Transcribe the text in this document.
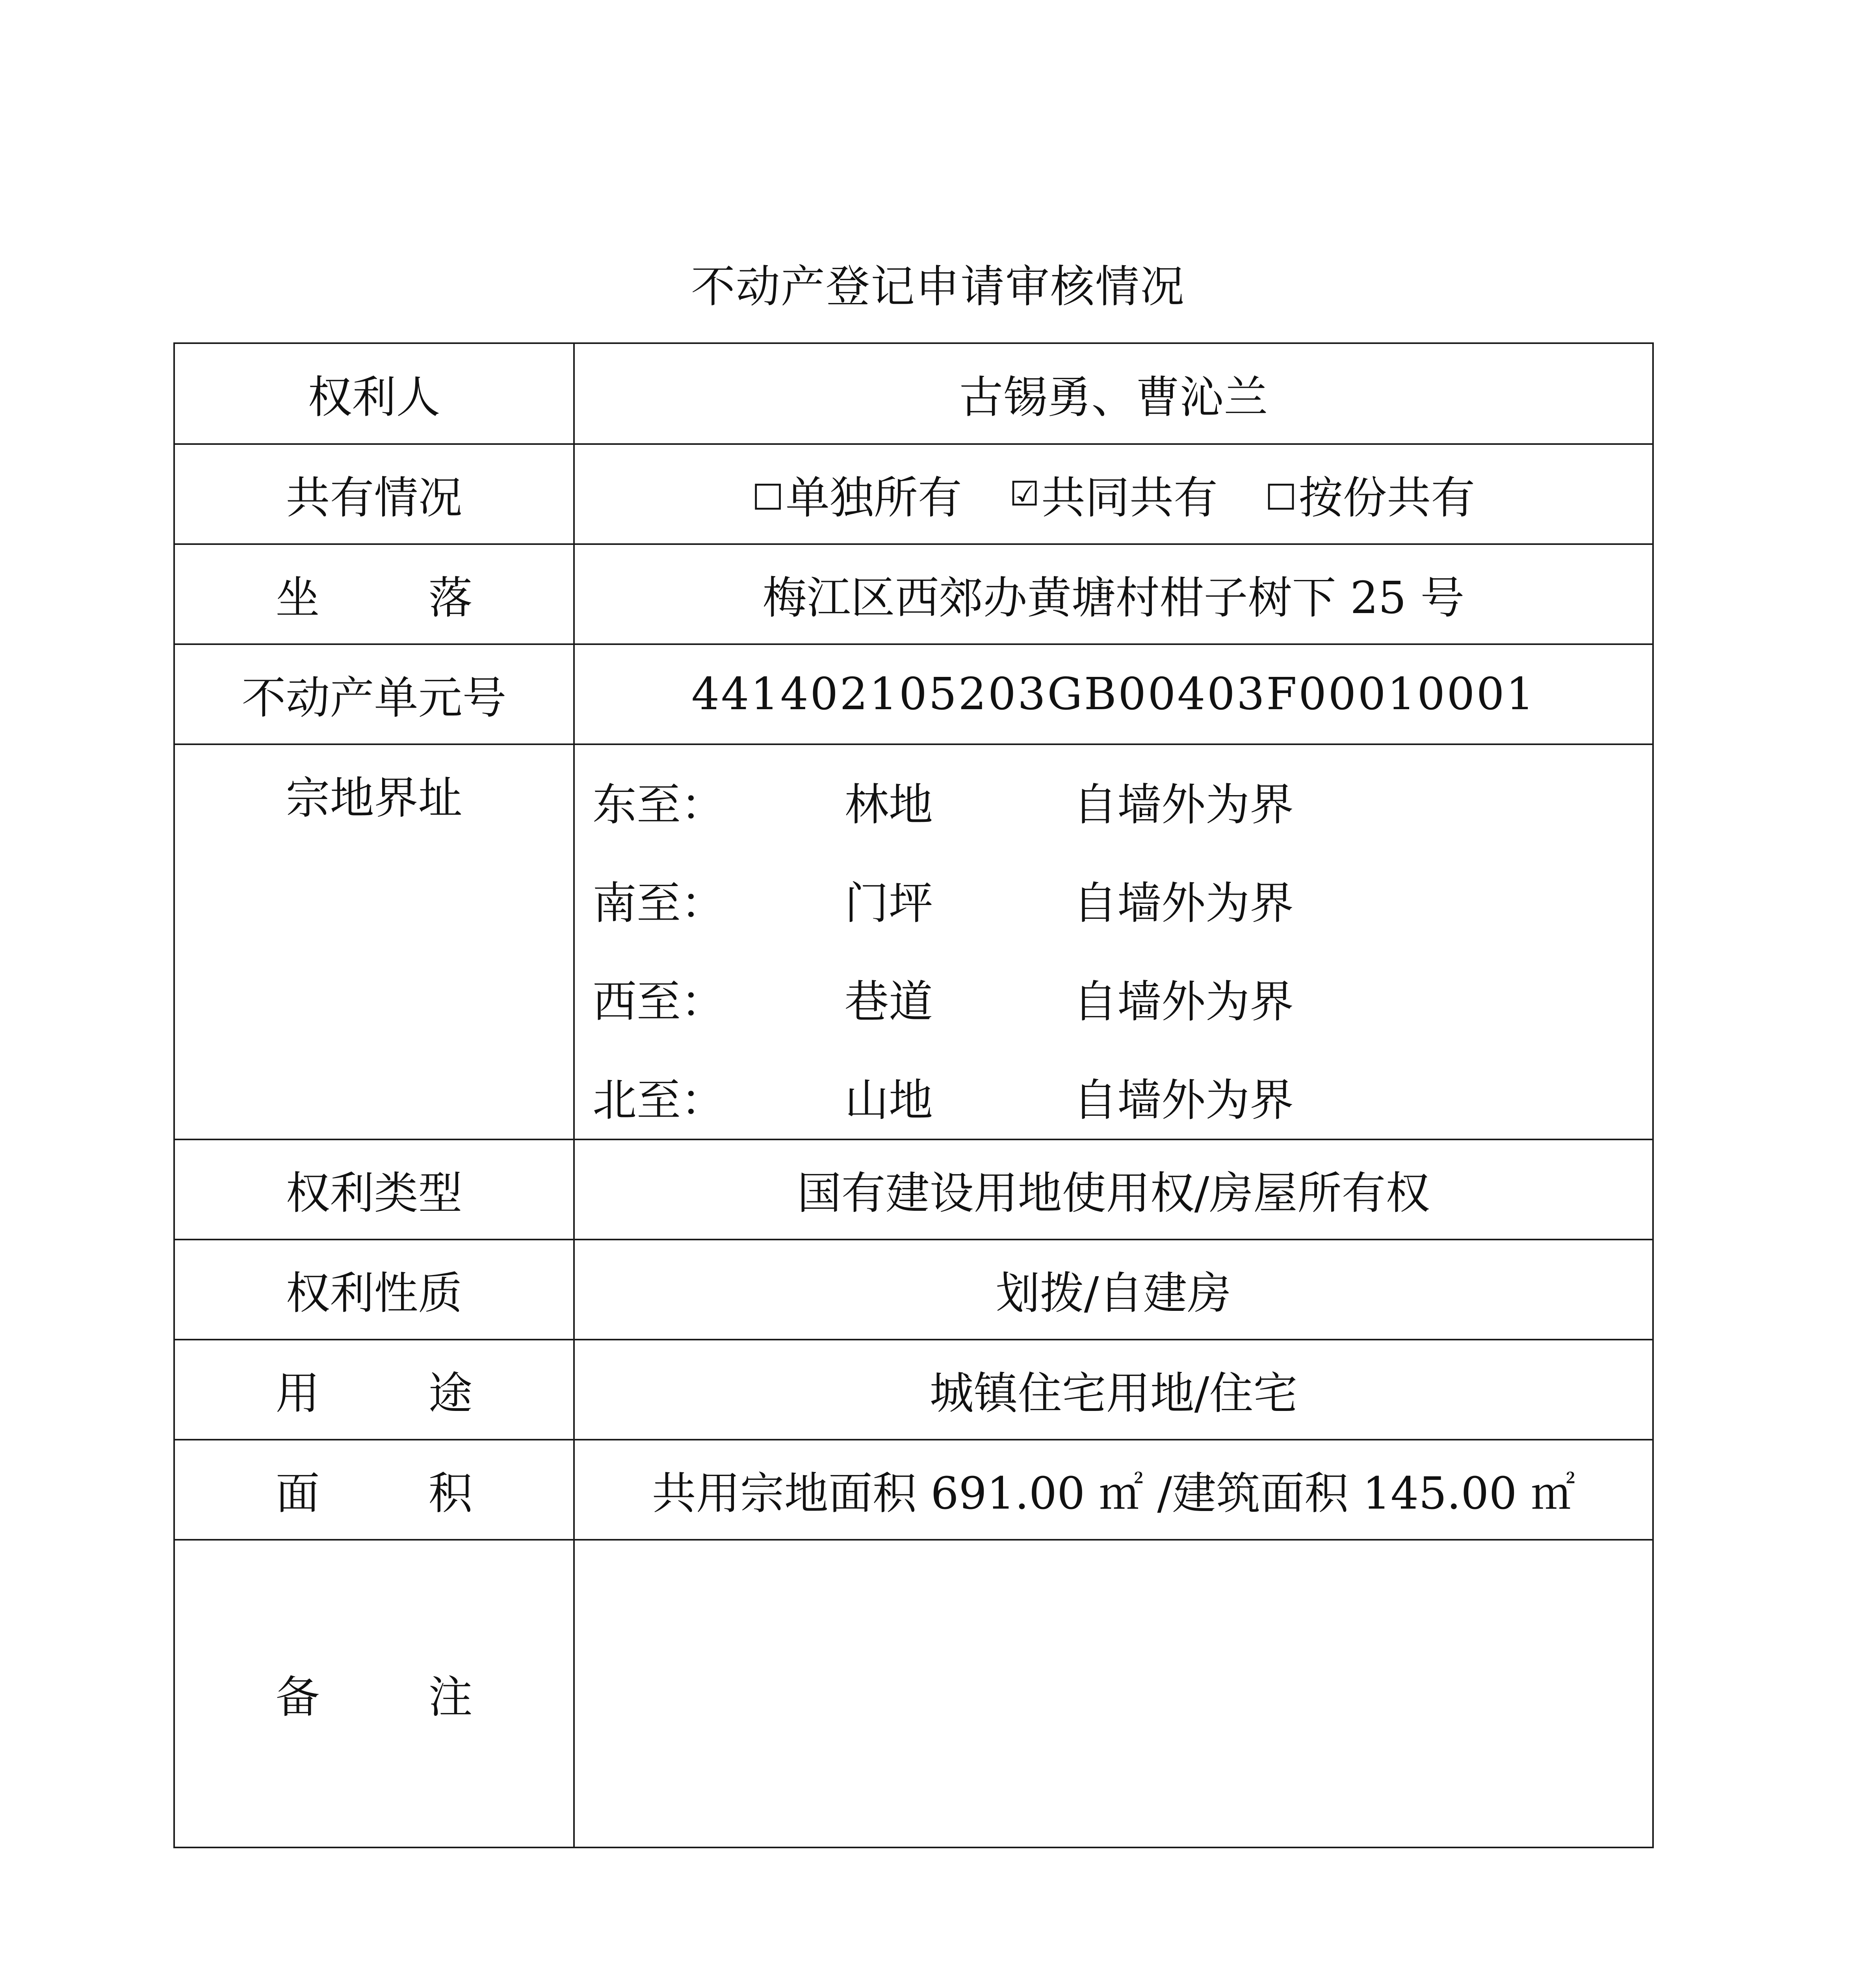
不动产登记申请审核情况
权利人	古锡勇、曹沁兰
共有情况	□ 单独所有 ☑ 共同共有 □ 按份共有
坐 落	梅江区西郊办黄塘村柑子树下 25 号
不动产单元号	441402105203GB00403F00010001
宗地界址	东至：	林地	自墙外为界
南至：	门坪	自墙外为界
西至：	巷道	自墙外为界
北至：	山地	自墙外为界
权利类型	国有建设用地使用权/房屋所有权
权利性质	划拨/自建房
用 途	城镇住宅用地/住宅
面 积	共用宗地面积 691.00 ㎡ /建筑面积 145.00 ㎡
备 注
